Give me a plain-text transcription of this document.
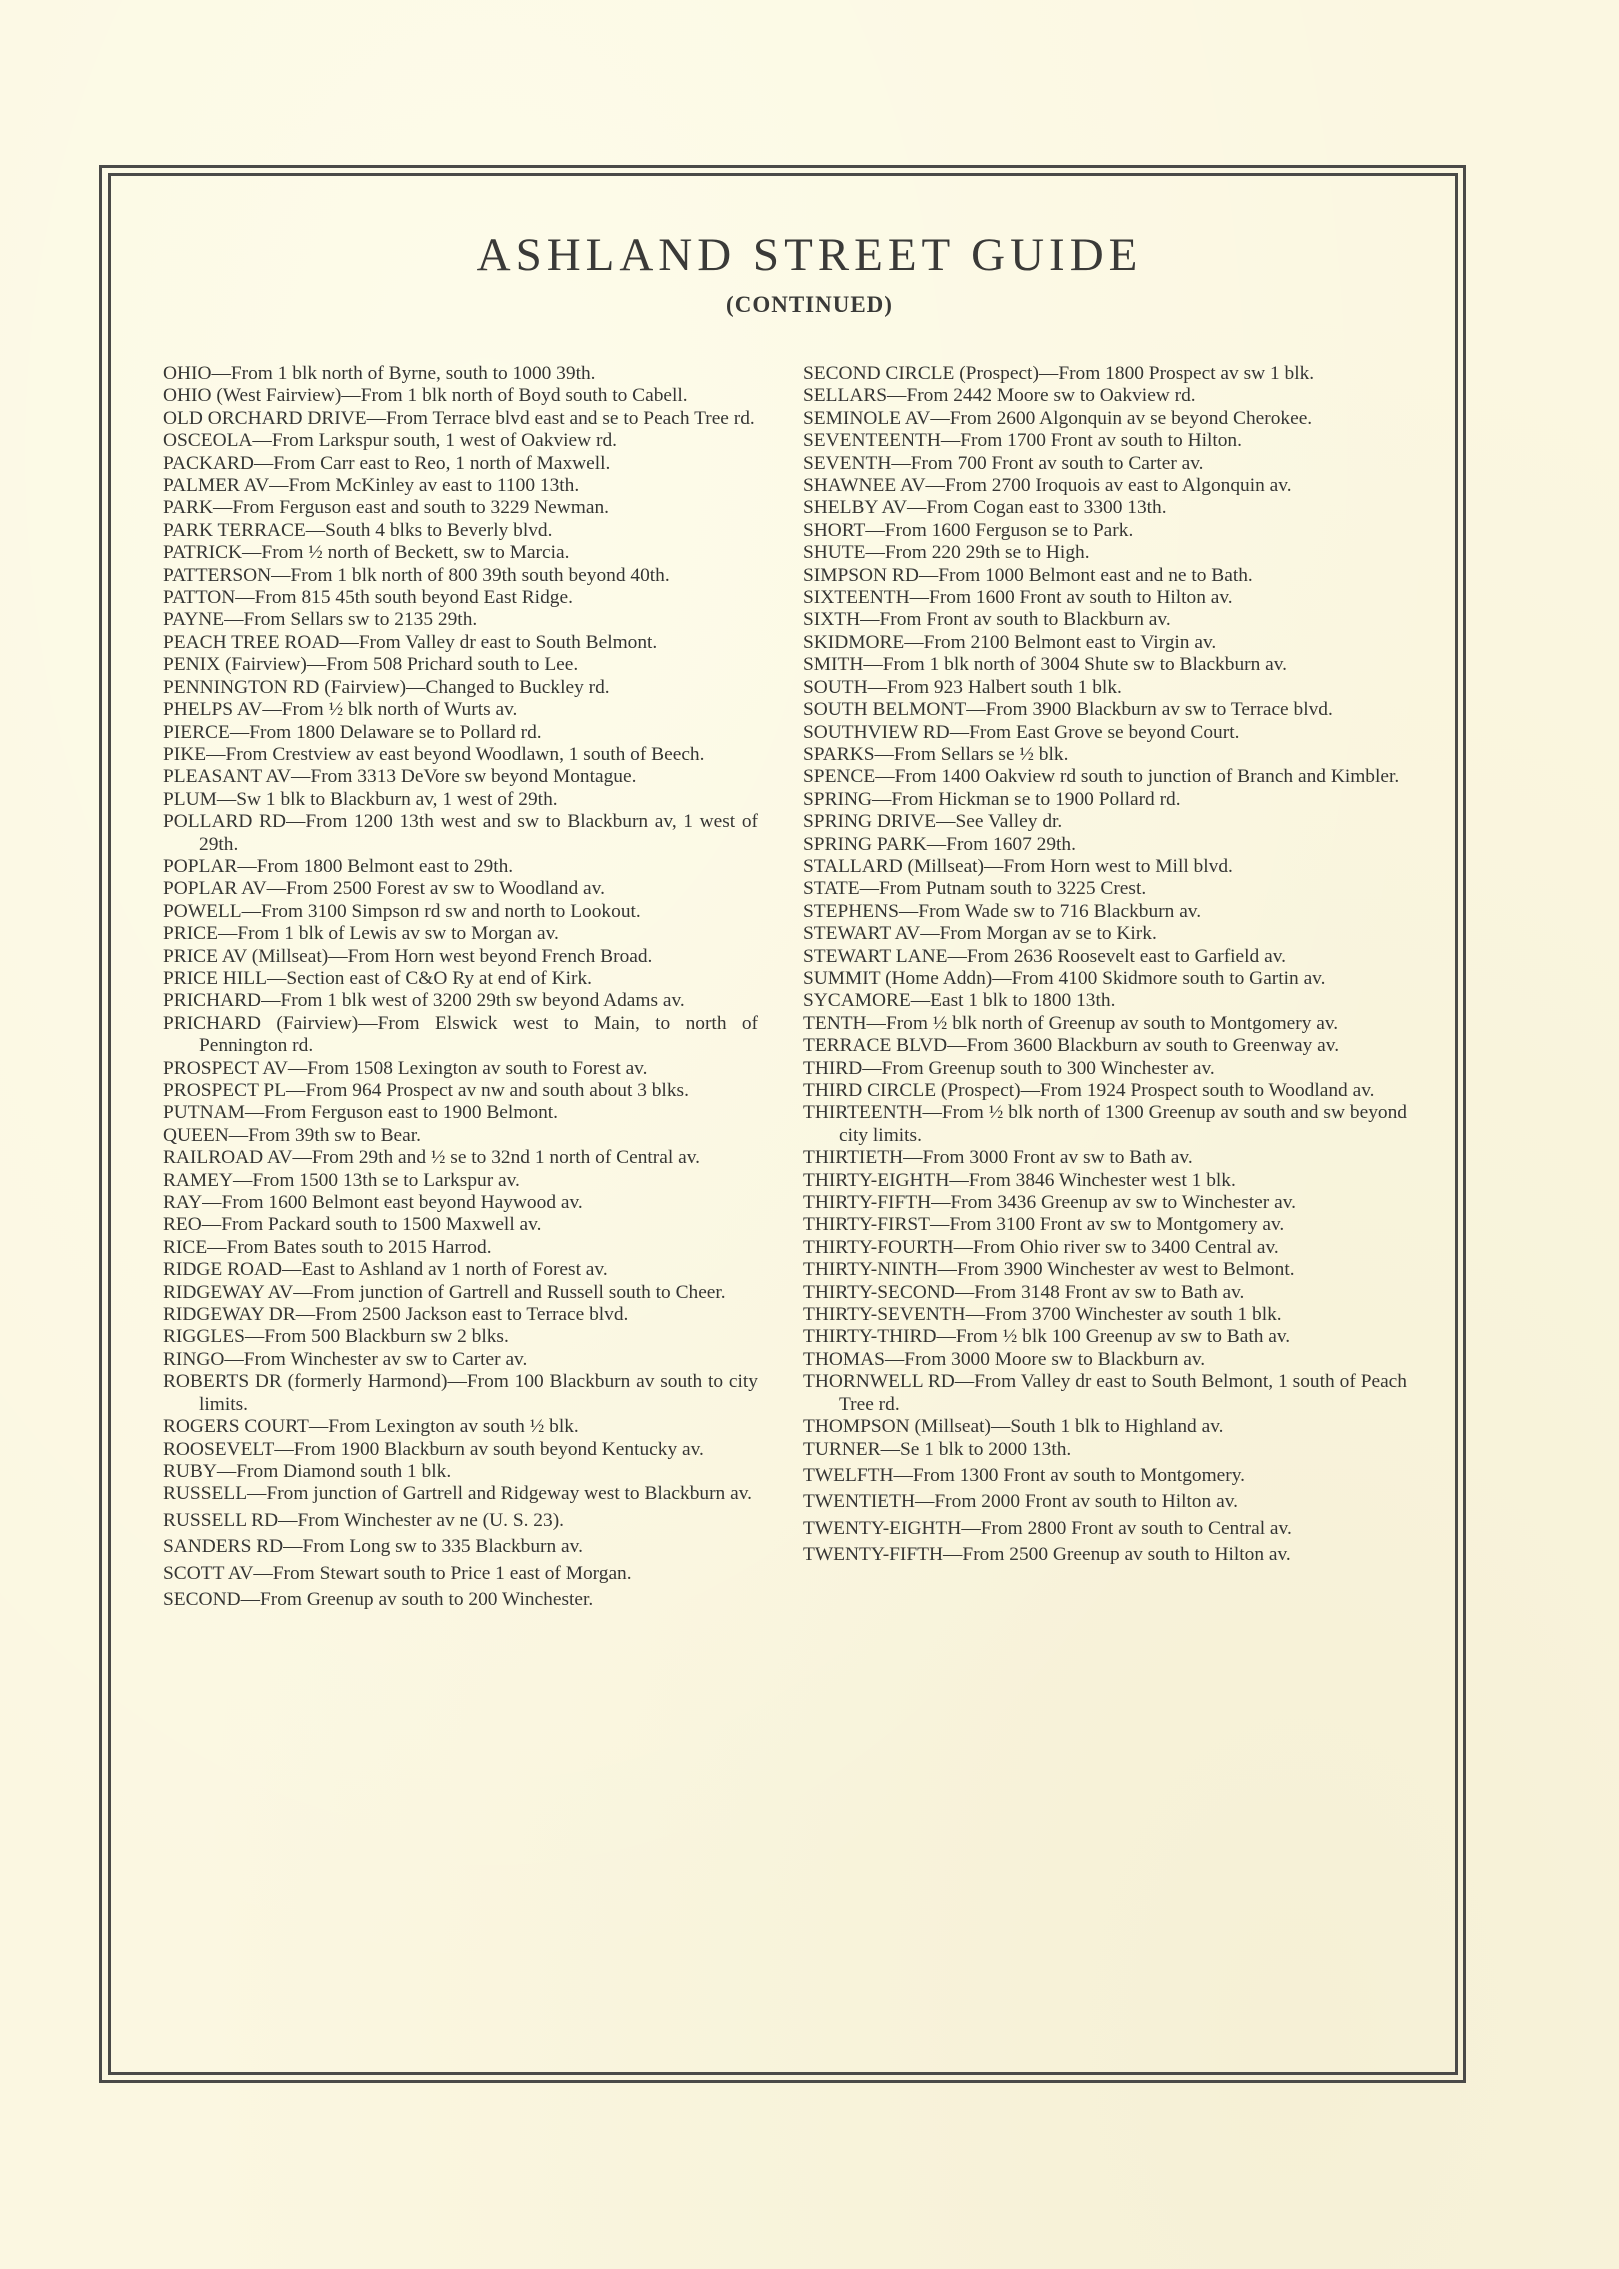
ASHLAND STREET GUIDE
(CONTINUED)

OHIO—From 1 blk north of Byrne, south to 1000 39th.

OHIO (West Fairview)—From 1 blk north of Boyd south to Cabell.

OLD ORCHARD DRIVE—From Terrace blvd east and se to Peach Tree rd.

OSCEOLA—From Larkspur south, 1 west of Oakview rd.

PACKARD—From Carr east to Reo, 1 north of Maxwell.

PALMER AV—From McKinley av east to 1100 13th.

PARK—From Ferguson east and south to 3229 Newman.

PARK TERRACE—South 4 blks to Beverly blvd.

PATRICK—From ½ north of Beckett, sw to Marcia.

PATTERSON—From 1 blk north of 800 39th south beyond 40th.

PATTON—From 815 45th south beyond East Ridge.

PAYNE—From Sellars sw to 2135 29th.

PEACH TREE ROAD—From Valley dr east to South Belmont.

PENIX (Fairview)—From 508 Prichard south to Lee.

PENNINGTON RD (Fairview)—Changed to Buckley rd.

PHELPS AV—From ½ blk north of Wurts av.

PIERCE—From 1800 Delaware se to Pollard rd.

PIKE—From Crestview av east beyond Woodlawn, 1 south of Beech.

PLEASANT AV—From 3313 DeVore sw beyond Montague.

PLUM—Sw 1 blk to Blackburn av, 1 west of 29th.

POLLARD RD—From 1200 13th west and sw to Blackburn av, 1 west of 29th.

POPLAR—From 1800 Belmont east to 29th.

POPLAR AV—From 2500 Forest av sw to Woodland av.

POWELL—From 3100 Simpson rd sw and north to Lookout.

PRICE—From 1 blk of Lewis av sw to Morgan av.

PRICE AV (Millseat)—From Horn west beyond French Broad.

PRICE HILL—Section east of C&O Ry at end of Kirk.

PRICHARD—From 1 blk west of 3200 29th sw beyond Adams av.

PRICHARD (Fairview)—From Elswick west to Main, to north of Pennington rd.

PROSPECT AV—From 1508 Lexington av south to Forest av.

PROSPECT PL—From 964 Prospect av nw and south about 3 blks.

PUTNAM—From Ferguson east to 1900 Belmont.

QUEEN—From 39th sw to Bear.

RAILROAD AV—From 29th and ½ se to 32nd 1 north of Central av.

RAMEY—From 1500 13th se to Larkspur av.

RAY—From 1600 Belmont east beyond Haywood av.

REO—From Packard south to 1500 Maxwell av.

RICE—From Bates south to 2015 Harrod.

RIDGE ROAD—East to Ashland av 1 north of Forest av.

RIDGEWAY AV—From junction of Gartrell and Russell south to Cheer.

RIDGEWAY DR—From 2500 Jackson east to Terrace blvd.

RIGGLES—From 500 Blackburn sw 2 blks.

RINGO—From Winchester av sw to Carter av.

ROBERTS DR (formerly Harmond)—From 100 Blackburn av south to city limits.

ROGERS COURT—From Lexington av south ½ blk.

ROOSEVELT—From 1900 Blackburn av south beyond Kentucky av.

RUBY—From Diamond south 1 blk.

RUSSELL—From junction of Gartrell and Ridgeway west to Blackburn av.

RUSSELL RD—From Winchester av ne (U. S. 23).

SANDERS RD—From Long sw to 335 Blackburn av.

SCOTT AV—From Stewart south to Price 1 east of Morgan.

SECOND—From Greenup av south to 200 Winchester.

SECOND CIRCLE (Prospect)—From 1800 Prospect av sw 1 blk.

SELLARS—From 2442 Moore sw to Oakview rd.

SEMINOLE AV—From 2600 Algonquin av se beyond Cherokee.

SEVENTEENTH—From 1700 Front av south to Hilton.

SEVENTH—From 700 Front av south to Carter av.

SHAWNEE AV—From 2700 Iroquois av east to Algonquin av.

SHELBY AV—From Cogan east to 3300 13th.

SHORT—From 1600 Ferguson se to Park.

SHUTE—From 220 29th se to High.

SIMPSON RD—From 1000 Belmont east and ne to Bath.

SIXTEENTH—From 1600 Front av south to Hilton av.

SIXTH—From Front av south to Blackburn av.

SKIDMORE—From 2100 Belmont east to Virgin av.

SMITH—From 1 blk north of 3004 Shute sw to Blackburn av.

SOUTH—From 923 Halbert south 1 blk.

SOUTH BELMONT—From 3900 Blackburn av sw to Terrace blvd.

SOUTHVIEW RD—From East Grove se beyond Court.

SPARKS—From Sellars se ½ blk.

SPENCE—From 1400 Oakview rd south to junction of Branch and Kimbler.

SPRING—From Hickman se to 1900 Pollard rd.

SPRING DRIVE—See Valley dr.

SPRING PARK—From 1607 29th.

STALLARD (Millseat)—From Horn west to Mill blvd.

STATE—From Putnam south to 3225 Crest.

STEPHENS—From Wade sw to 716 Blackburn av.

STEWART AV—From Morgan av se to Kirk.

STEWART LANE—From 2636 Roosevelt east to Garfield av.

SUMMIT (Home Addn)—From 4100 Skidmore south to Gartin av.

SYCAMORE—East 1 blk to 1800 13th.

TENTH—From ½ blk north of Greenup av south to Montgomery av.

TERRACE BLVD—From 3600 Blackburn av south to Greenway av.

THIRD—From Greenup south to 300 Winchester av.

THIRD CIRCLE (Prospect)—From 1924 Prospect south to Woodland av.

THIRTEENTH—From ½ blk north of 1300 Greenup av south and sw beyond city limits.

THIRTIETH—From 3000 Front av sw to Bath av.

THIRTY-EIGHTH—From 3846 Winchester west 1 blk.

THIRTY-FIFTH—From 3436 Greenup av sw to Winchester av.

THIRTY-FIRST—From 3100 Front av sw to Montgomery av.

THIRTY-FOURTH—From Ohio river sw to 3400 Central av.

THIRTY-NINTH—From 3900 Winchester av west to Belmont.

THIRTY-SECOND—From 3148 Front av sw to Bath av.

THIRTY-SEVENTH—From 3700 Winchester av south 1 blk.

THIRTY-THIRD—From ½ blk 100 Greenup av sw to Bath av.

THOMAS—From 3000 Moore sw to Blackburn av.

THORNWELL RD—From Valley dr east to South Belmont, 1 south of Peach Tree rd.

THOMPSON (Millseat)—South 1 blk to Highland av.

TURNER—Se 1 blk to 2000 13th.

TWELFTH—From 1300 Front av south to Montgomery.

TWENTIETH—From 2000 Front av south to Hilton av.

TWENTY-EIGHTH—From 2800 Front av south to Central av.

TWENTY-FIFTH—From 2500 Greenup av south to Hilton av.
